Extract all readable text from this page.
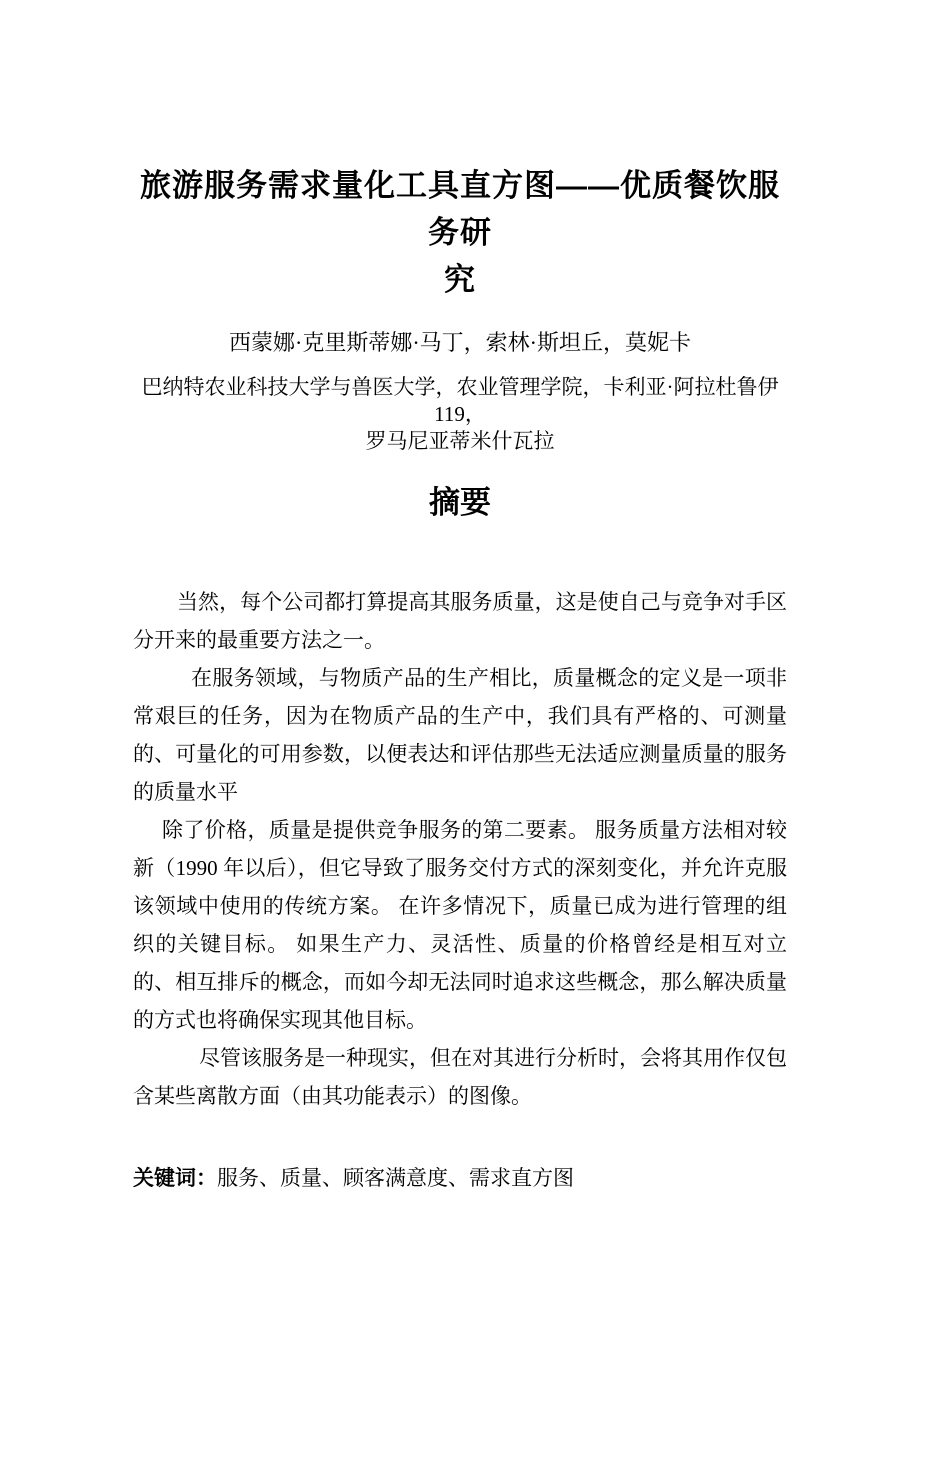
旅游服务需求量化工具直方图——优质餐饮服务研
究
西蒙娜·克里斯蒂娜·马丁，索林·斯坦丘，莫妮卡
巴纳特农业科技大学与兽医大学，农业管理学院，卡利亚·阿拉杜鲁伊 119，
罗马尼亚蒂米什瓦拉
摘要

当然，每个公司都打算提高其服务质量，这是使自己与竞争对手区分开来的最重要方法之一。

在服务领域，与物质产品的生产相比，质量概念的定义是一项非常艰巨的任务，因为在物质产品的生产中，我们具有严格的、可测量的、可量化的可用参数，以便表达和评估那些无法适应测量质量的服务的质量水平

除了价格，质量是提供竞争服务的第二要素。 服务质量方法相对较新（1990 年以后），但它导致了服务交付方式的深刻变化，并允许克服该领域中使用的传统方案。 在许多情况下，质量已成为进行管理的组织的关键目标。 如果生产力、灵活性、质量的价格曾经是相互对立的、相互排斥的概念，而如今却无法同时追求这些概念，那么解决质量的方式也将确保实现其他目标。

尽管该服务是一种现实，但在对其进行分析时，会将其用作仅包含某些离散方面（由其功能表示）的图像。

关键词：服务、质量、顾客满意度、需求直方图
